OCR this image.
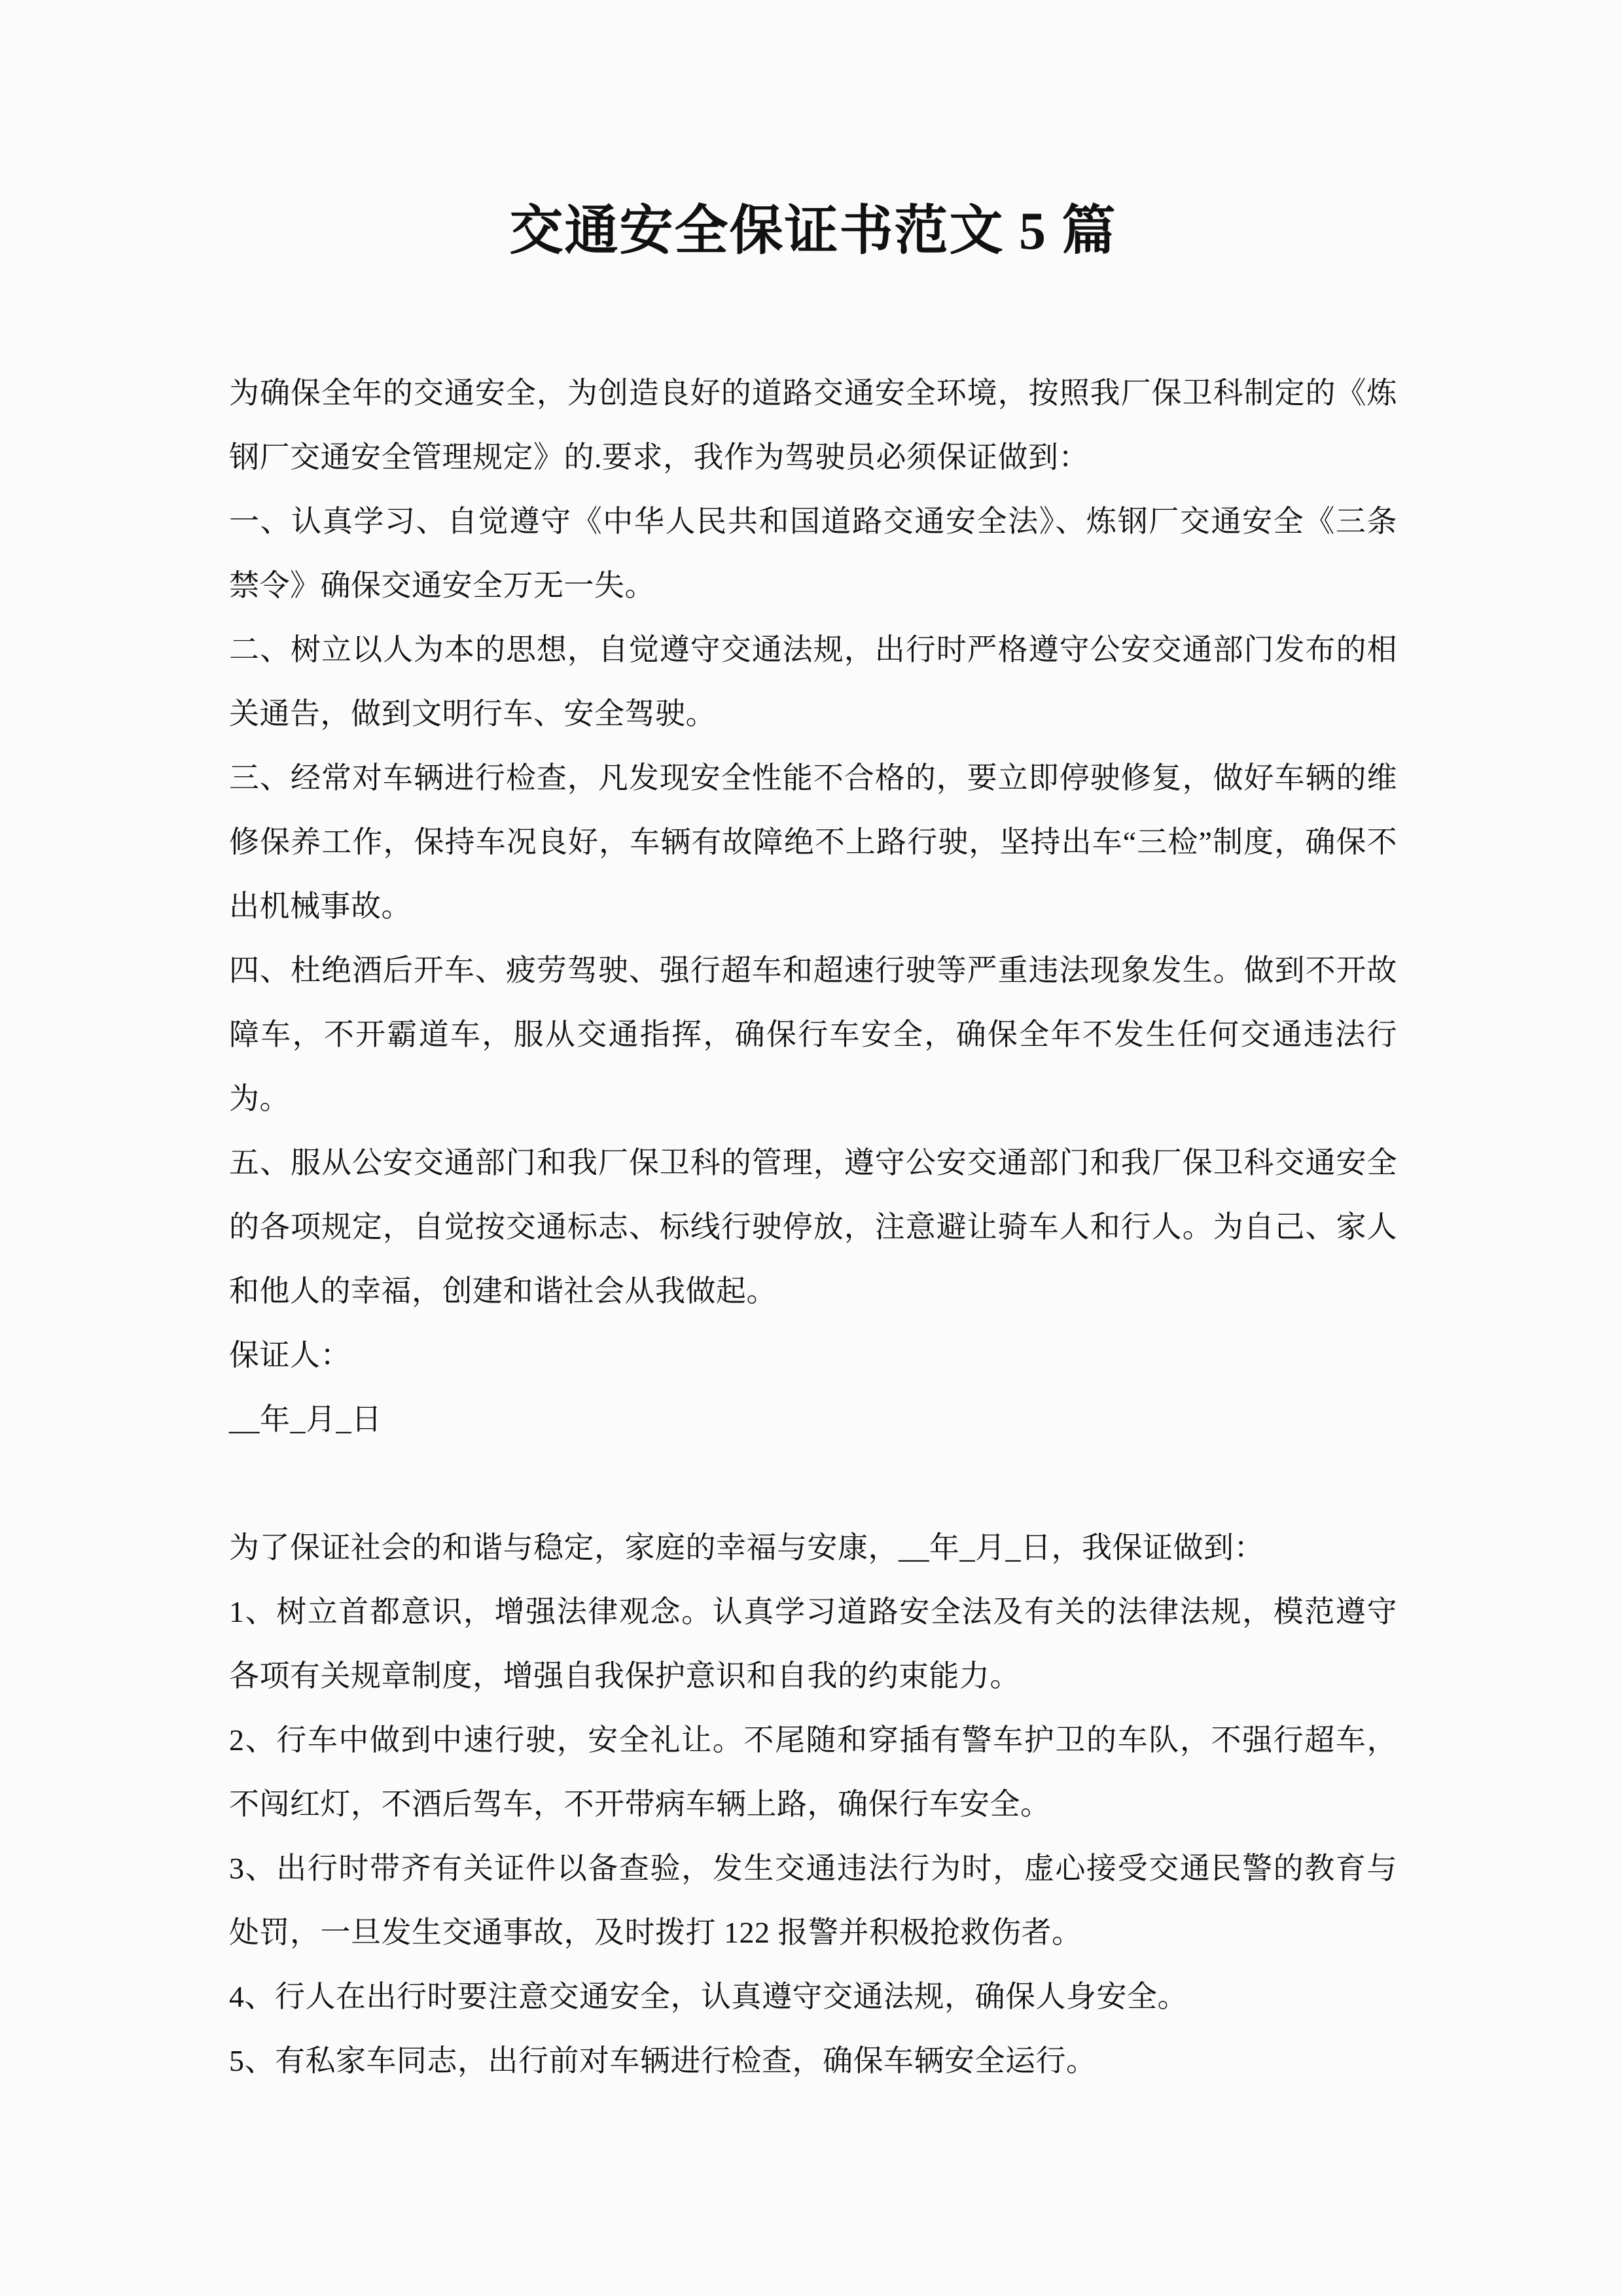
交通安全保证书范文 5 篇

为确保全年的交通安全，为创造良好的道路交通安全环境，按照我厂保卫科制定的《炼钢厂交通安全管理规定》的.要求，我作为驾驶员必须保证做到：

一、认真学习、自觉遵守《中华人民共和国道路交通安全法》、炼钢厂交通安全《三条禁令》确保交通安全万无一失。

二、树立以人为本的思想，自觉遵守交通法规，出行时严格遵守公安交通部门发布的相关通告，做到文明行车、安全驾驶。

三、经常对车辆进行检查，凡发现安全性能不合格的，要立即停驶修复，做好车辆的维修保养工作，保持车况良好，车辆有故障绝不上路行驶，坚持出车“三检”制度，确保不出机械事故。

四、杜绝酒后开车、疲劳驾驶、强行超车和超速行驶等严重违法现象发生。做到不开故障车，不开霸道车，服从交通指挥，确保行车安全，确保全年不发生任何交通违法行为。

五、服从公安交通部门和我厂保卫科的管理，遵守公安交通部门和我厂保卫科交通安全的各项规定，自觉按交通标志、标线行驶停放，注意避让骑车人和行人。为自己、家人和他人的幸福，创建和谐社会从我做起。

保证人：

__年_月_日

为了保证社会的和谐与稳定，家庭的幸福与安康，__年_月_日，我保证做到：

1、树立首都意识，增强法律观念。认真学习道路安全法及有关的法律法规，模范遵守各项有关规章制度，增强自我保护意识和自我的约束能力。

2、行车中做到中速行驶，安全礼让。不尾随和穿插有警车护卫的车队，不强行超车，不闯红灯，不酒后驾车，不开带病车辆上路，确保行车安全。

3、出行时带齐有关证件以备查验，发生交通违法行为时，虚心接受交通民警的教育与处罚，一旦发生交通事故，及时拨打 122 报警并积极抢救伤者。

4、行人在出行时要注意交通安全，认真遵守交通法规，确保人身安全。

5、有私家车同志，出行前对车辆进行检查，确保车辆安全运行。
